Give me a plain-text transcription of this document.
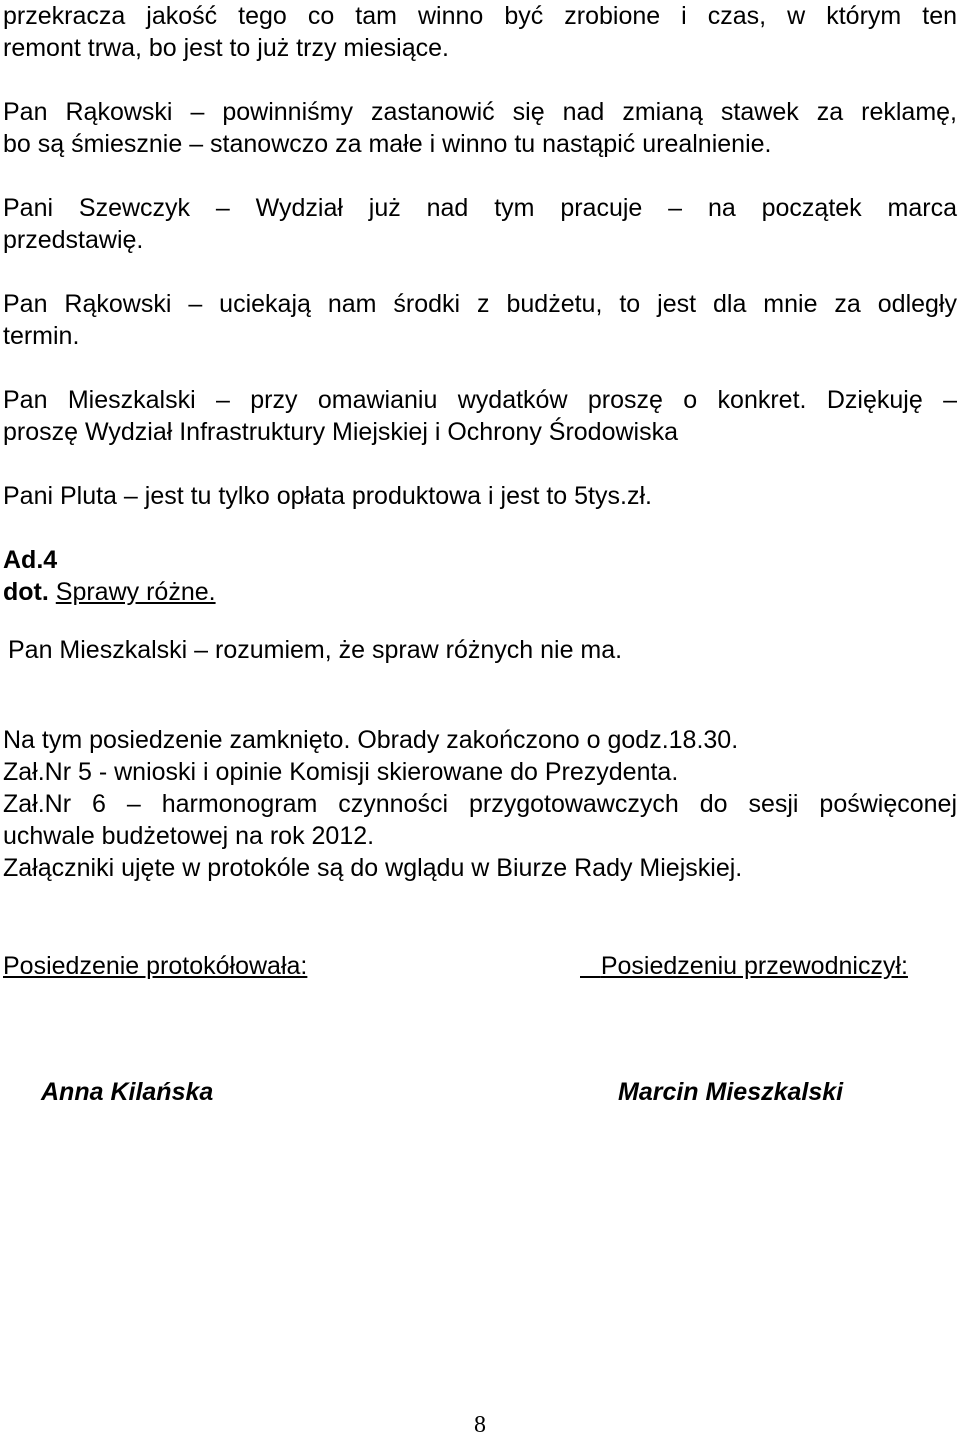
przekracza jakość tego co tam winno być zrobione i czas, w którym ten
remont trwa, bo jest to już trzy miesiące.
Pan Rąkowski – powinniśmy zastanowić się nad zmianą stawek za reklamę,
bo są śmiesznie – stanowczo za małe i winno tu nastąpić urealnienie.
Pani Szewczyk – Wydział już nad tym pracuje – na początek marca
przedstawię.
Pan Rąkowski – uciekają nam środki z budżetu, to jest dla mnie za odległy
termin.
Pan Mieszkalski – przy omawianiu wydatków proszę o konkret. Dziękuję –
proszę Wydział Infrastruktury Miejskiej i Ochrony Środowiska
Pani Pluta – jest tu tylko opłata produktowa i jest to 5tys.zł.
Ad.4
dot. Sprawy różne.
Pan Mieszkalski – rozumiem, że spraw różnych nie ma.
Na tym posiedzenie zamknięto. Obrady zakończono o godz.18.30.
Zał.Nr 5 - wnioski i opinie Komisji skierowane do Prezydenta.
Zał.Nr 6 – harmonogram czynności przygotowawczych do sesji poświęconej
uchwale budżetowej na rok 2012.
Załączniki ujęte w protokóle są do wglądu w Biurze Rady Miejskiej.
Posiedzenie protokółowała:	Posiedzeniu przewodniczył:
Anna Kilańska	Marcin Mieszkalski
8
